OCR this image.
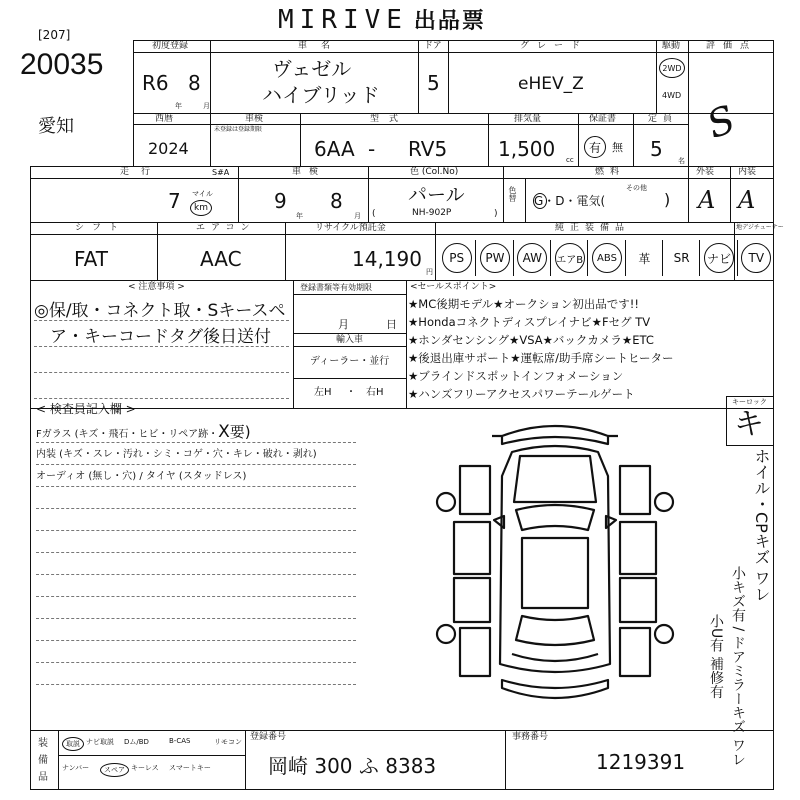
MIRIVE 出品票
[207]
20035
愛知
初度登録
R6 8
年	月
車名
ヴェゼル
ハイブリッド
ドア
5
グレード
eHEV_Z
駆動
2WD
4WD
評価点
S
西暦
2024
車検
未登録は登録期限
型式
6AA - RV5
排気量
1,500 cc
保証書
有 無
定員
5 名
走行	S#A
7 マイル
km
車検
9
年
8
月
色 (Col.No)
パール
(	NH-902P	)
色替
燃料
G・D・電気(
その他
)
外装
A
内装
A
シフト
FAT
エアコン
AAC
リサイクル預託金
14,190
円
純正装備品	地デジチューナー
PS	PW	AW	エアB	ABS	革 SR ナビ	TV
< 注意事項 >
◎保/取・コネクト取・Sキースペ
ア・キーコードタグ後日送付
登録書類等有効期限
月	日
輸入車
ディーラー・並行
左H ・ 右H
<セールスポイント>
★MC後期モデル★オークション初出品です!!
★Hondaコネクトディスプレイナビ★Fセグ TV
★ホンダセンシング★VSA★バックカメラ★ETC
★後退出庫サポート★運転席/助手席シートヒーター
★ブラインドスポットインフォメーション
★ハンズフリーアクセスパワーテールゲート
< 検査員記入欄 >
Fガラス (キズ・飛石・ヒビ・リペア跡・X要)
内装 (キズ・スレ・汚れ・シミ・コゲ・穴・キレ・破れ・剥れ)
オーディオ (無し・穴) / タイヤ (スタッドレス)
キーロック
キ
ホイル・CPキズ ワレ
小キズ有 / ドアミラーキズ ワレ
小U有 補修有
装
備
品
取説 ナビ取説 Dム/BD	B-CAS	リモコン
ナンバー	スペア キーレス スマートキー
登録番号
岡崎 300 ふ 8383
事務番号
1219391
